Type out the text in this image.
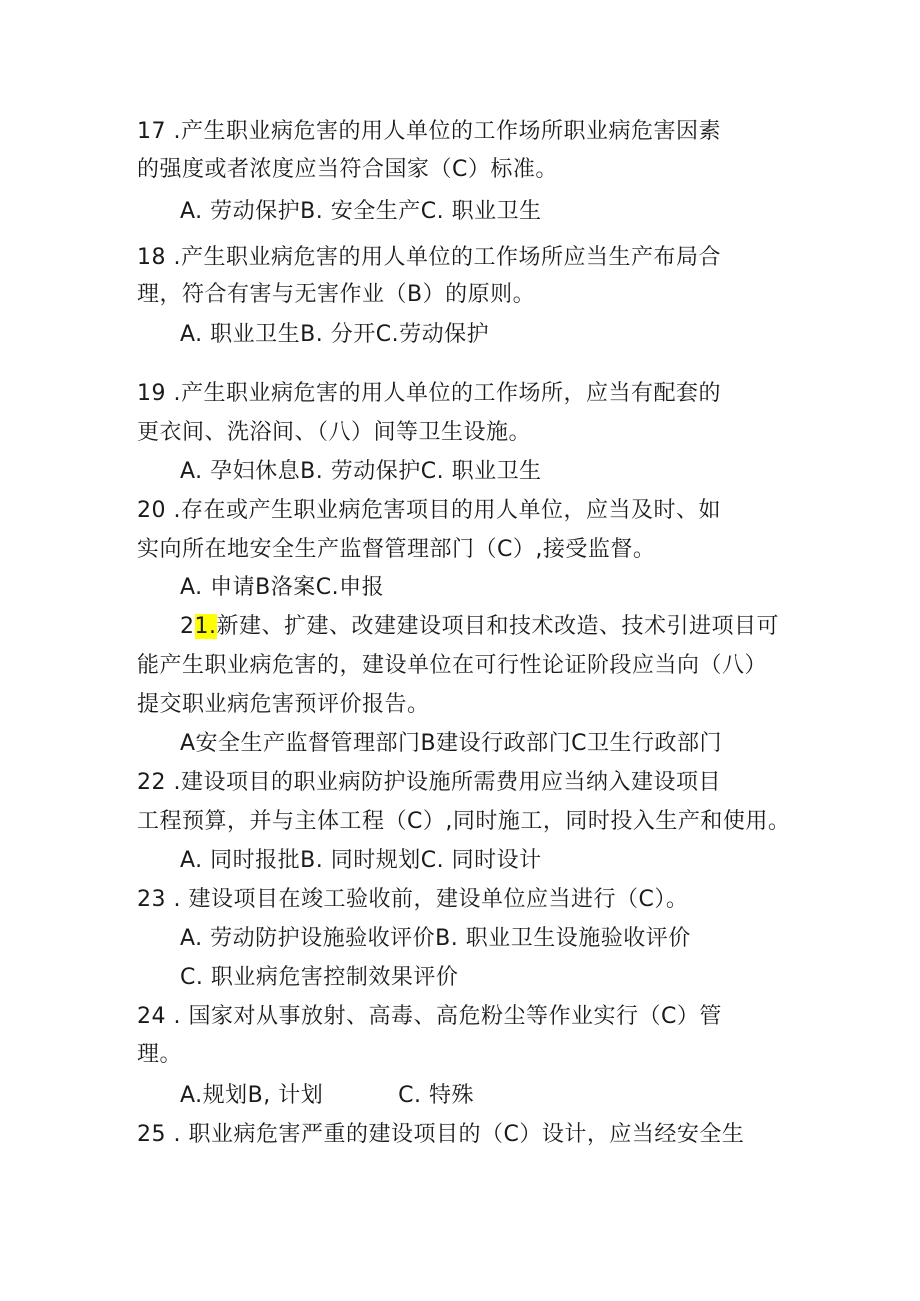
17 .产生职业病危害的用人单位的工作场所职业病危害因素
的强度或者浓度应当符合国家（C）标准。
A. 劳动保护B. 安全生产C. 职业卫生
18 .产生职业病危害的用人单位的工作场所应当生产布局合
理，符合有害与无害作业（B）的原则。
A. 职业卫生B. 分开C.劳动保护
19 .产生职业病危害的用人单位的工作场所，应当有配套的
更衣间、洗浴间、（八）间等卫生设施。
A. 孕妇休息B. 劳动保护C. 职业卫生
20 .存在或产生职业病危害项目的用人单位，应当及时、如
实向所在地安全生产监督管理部门（C）,接受监督。
A. 申请B洛案C.申报
21.新建、扩建、改建建设项目和技术改造、技术引进项目可
能产生职业病危害的，建设单位在可行性论证阶段应当向（八）
提交职业病危害预评价报告。
A安全生产监督管理部门B建设行政部门C卫生行政部门
22 .建设项目的职业病防护设施所需费用应当纳入建设项目
工程预算，并与主体工程（C）,同时施工，同时投入生产和使用。
A. 同时报批B. 同时规划C. 同时设计
23 . 建设项目在竣工验收前，建设单位应当进行（C）。
A. 劳动防护设施验收评价B. 职业卫生设施验收评价
C. 职业病危害控制效果评价
24 . 国家对从事放射、高毒、高危粉尘等作业实行（C）管
理。
A.规划B, 计划          C. 特殊
25 . 职业病危害严重的建设项目的（C）设计，应当经安全生
